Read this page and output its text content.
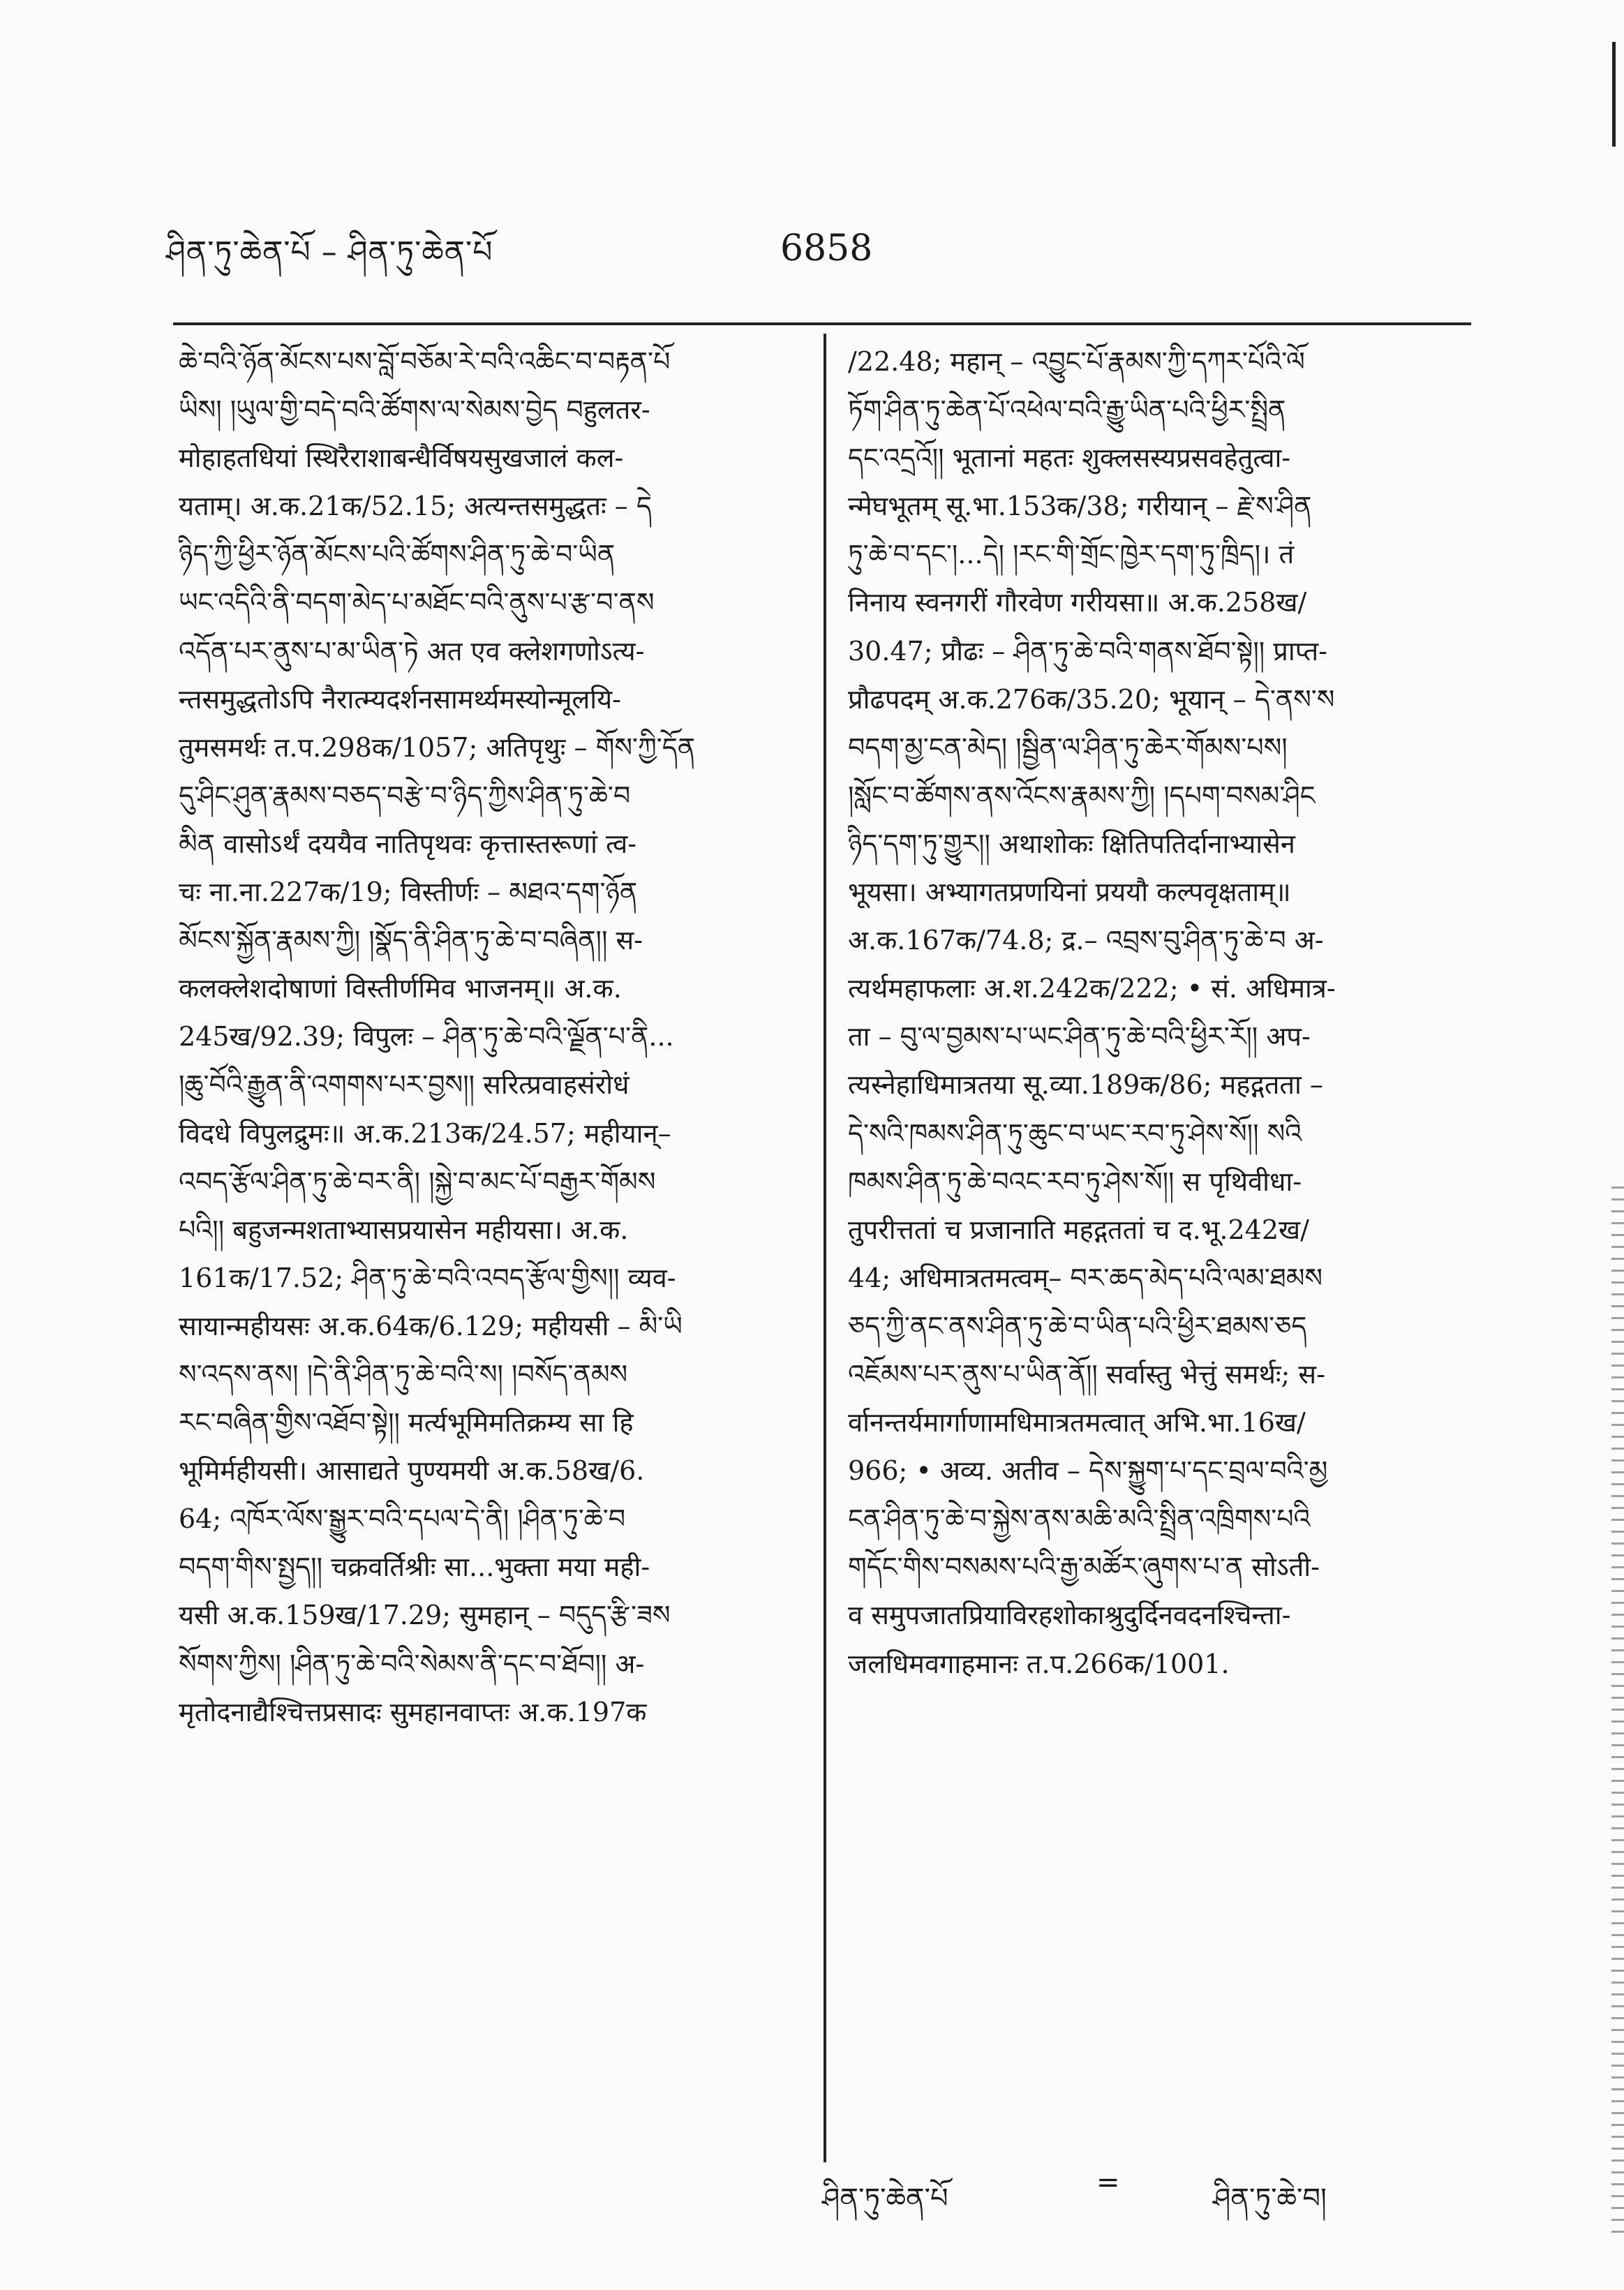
ཤིན་ཏུ་ཆེན་པོ – ཤིན་ཏུ་ཆེན་པོ	6858
ཆེ་བའི་ཉོན་མོངས་པས་བློ་བཅོམ་རེ་བའི་འཆིང་བ་བརྟན་པོ
ཡིས། །ཡུལ་གྱི་བདེ་བའི་ཚོགས་ལ་སེམས་བྱེད བहुलतर-
मोहाहतधियां स्थिरैराशाबन्धैर्विषयसुखजालं कल-
यताम्। अ.क.21क/52.15; अत्यन्तसमुद्धतः – དེ
ཉིད་ཀྱི་ཕྱིར་ཉོན་མོངས་པའི་ཚོགས་ཤིན་ཏུ་ཆེ་བ་ཡིན
ཡང་འདིའི་ནི་བདག་མེད་པ་མཐོང་བའི་ནུས་པ་རྩ་བ་ནས
འདོན་པར་ནུས་པ་མ་ཡིན་ཏེ अत एव क्लेशगणोऽत्य-
न्तसमुद्धतोऽपि नैरात्म्यदर्शनसामर्थ्यमस्योन्मूलयि-
तुमसमर्थः त.प.298क/1057; अतिपृथुः – གོས་ཀྱི་དོན
དུ་ཤིང་ཤུན་རྣམས་བཅད་བརྩེ་བ་ཉིད་ཀྱིས་ཤིན་ཏུ་ཆེ་བ
མིན वासोऽर्थं दययैव नातिपृथवः कृत्तास्तरूणां त्व-
चः ना.ना.227क/19; विस्तीर्णः – མཐའ་དག་ཉོན
མོངས་སྐྱོན་རྣམས་ཀྱི། །སྣོད་ནི་ཤིན་ཏུ་ཆེ་བ་བཞིན།། स-
कलक्लेशदोषाणां विस्तीर्णमिव भाजनम्॥ अ.क.
245ख/92.39; विपुलः – ཤིན་ཏུ་ཆེ་བའི་ལྗོན་པ་ནི...
།ཆུ་བོའི་རྒྱུན་ནི་འགགས་པར་བྱས།། सरित्प्रवाहसंरोधं
विदधे विपुलद्रुमः॥ अ.क.213क/24.57; महीयान्–
འབད་རྩོལ་ཤིན་ཏུ་ཆེ་བར་ནི། །སྐྱེ་བ་མང་པོ་བརྒྱར་གོམས
པའི།། बहुजन्मशताभ्यासप्रयासेन महीयसा। अ.क.
161क/17.52; ཤིན་ཏུ་ཆེ་བའི་འབད་རྩོལ་གྱིས།། व्यव-
सायान्महीयसः अ.क.64क/6.129; महीयसी – མི་ཡི
ས་འདས་ནས། །དེ་ནི་ཤིན་ཏུ་ཆེ་བའི་ས། །བསོད་ནམས
རང་བཞིན་གྱིས་འཐོབ་སྟེ།། मर्त्यभूमिमतिक्रम्य सा हि
भूमिर्महीयसी। आसाद्यते पुण्यमयी अ.क.58ख/6.
64; འཁོར་ལོས་སྒྱུར་བའི་དཔལ་དེ་ནི། །ཤིན་ཏུ་ཆེ་བ
བདག་གིས་སྤྱད།། चक्रवर्तिश्रीः सा...भुक्ता मया मही-
यसी अ.क.159ख/17.29; सुमहान् – བདུད་རྩི་ཟས
སོགས་ཀྱིས། །ཤིན་ཏུ་ཆེ་བའི་སེམས་ནི་དང་བ་ཐོབ།། अ-
मृतोदनाद्यैश्चित्तप्रसादः सुमहानवाप्तः अ.क.197क
/22.48; महान् – འབྱུང་པོ་རྣམས་ཀྱི་དཀར་པོའི་ལོ
ཏོག་ཤིན་ཏུ་ཆེན་པོ་འཕེལ་བའི་རྒྱུ་ཡིན་པའི་ཕྱིར་སྤྲིན
དང་འདྲའོ།། भूतानां महतः शुक्लसस्यप्रसवहेतुत्वा-
न्मेघभूतम् सू.भा.153क/38; गरीयान् – རྗེ་ས་ཤིན
ཏུ་ཆེ་བ་དང་།...དེ། །རང་གི་གྲོང་ཁྱེར་དག་ཏུ་ཁྲིད།। तं
निनाय स्वनगरीं गौरवेण गरीयसा॥ अ.क.258ख/
30.47; प्रौढः – ཤིན་ཏུ་ཆེ་བའི་གནས་ཐོབ་སྟེ།། प्राप्त-
प्रौढपदम् अ.क.276क/35.20; भूयान् – དེ་ནས་ས
བདག་མྱ་ངན་མེད། །སྦྱིན་ལ་ཤིན་ཏུ་ཆེར་གོམས་པས།
།སློང་བ་ཚོགས་ནས་འོངས་རྣམས་ཀྱི། །དཔག་བསམ་ཤིང
ཉིད་དག་ཏུ་གྱུར།། अथाशोकः क्षितिपतिर्दानाभ्यासेन
भूयसा। अभ्यागतप्रणयिनां प्रययौ कल्पवृक्षताम्॥
अ.क.167क/74.8; द्र.– འབྲས་བུ་ཤིན་ཏུ་ཆེ་བ अ-
त्यर्थमहाफलाः अ.श.242क/222; • सं. अधिमात्र-
ता – བུ་ལ་བྱམས་པ་ཡང་ཤིན་ཏུ་ཆེ་བའི་ཕྱིར་རོ།། अप-
त्यस्नेहाधिमात्रतया सू.व्या.189क/86; महद्गतता –
དེ་སའི་ཁམས་ཤིན་ཏུ་ཆུང་བ་ཡང་རབ་ཏུ་ཤེས་སོ།། སའི
ཁམས་ཤིན་ཏུ་ཆེ་བའང་རབ་ཏུ་ཤེས་སོ།། स पृथिवीधा-
तुपरीत्ततां च प्रजानाति महद्गततां च द.भू.242ख/
44; अधिमात्रतमत्वम्– བར་ཆད་མེད་པའི་ལམ་ཐམས
ཅད་ཀྱི་ནང་ནས་ཤིན་ཏུ་ཆེ་བ་ཡིན་པའི་ཕྱིར་ཐམས་ཅད
འཇོམས་པར་ནུས་པ་ཡིན་ནོ།། सर्वास्तु भेत्तुं समर्थः; स-
र्वानन्तर्यमार्गाणामधिमात्रतमत्वात् अभि.भा.16ख/
966; • अव्य. अतीव – དེས་སྐྱུག་པ་དང་བྲལ་བའི་མྱ
ངན་ཤིན་ཏུ་ཆེ་བ་སྐྱེས་ནས་མཆི་མའི་སྤྲིན་འཁྲིགས་པའི
གདོང་གིས་བསམས་པའི་རྒྱ་མཚོར་ཞུགས་པ་ན सोऽती-
व समुपजातप्रियाविरहशोकाश्रुदुर्दिनवदनश्चिन्ता-
जलधिमवगाहमानः त.प.266क/1001.
ཤིན་ཏུ་ཆེན་པོ	=	ཤིན་ཏུ་ཆེ་བ།
